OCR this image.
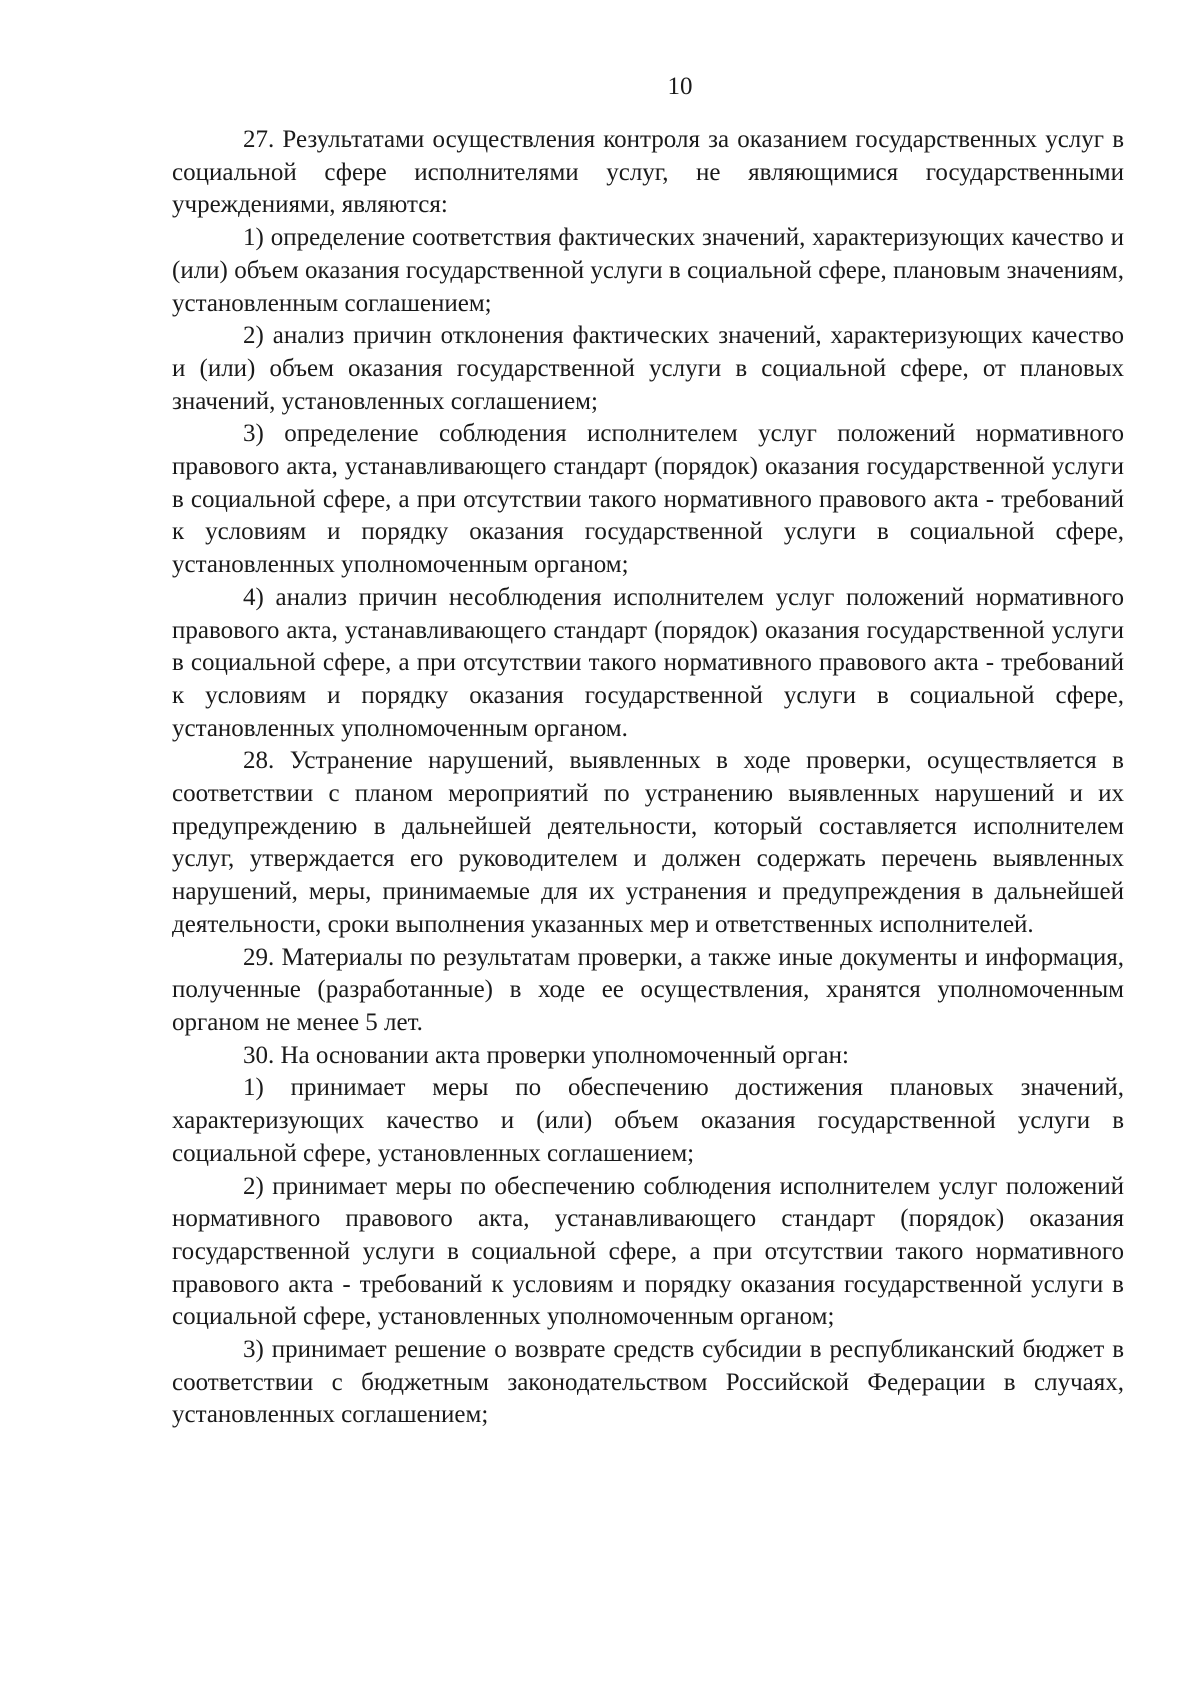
10

27. Результатами осуществления контроля за оказанием государственных услуг в социальной сфере исполнителями услуг, не являющимися государственными учреждениями, являются:

1) определение соответствия фактических значений, характеризующих качество и (или) объем оказания государственной услуги в социальной сфере, плановым значениям, установленным соглашением;

2) анализ причин отклонения фактических значений, характеризующих качество и (или) объем оказания государственной услуги в социальной сфере, от плановых значений, установленных соглашением;

3) определение соблюдения исполнителем услуг положений нормативного правового акта, устанавливающего стандарт (порядок) оказания государственной услуги в социальной сфере, а при отсутствии такого нормативного правового акта - требований к условиям и порядку оказания государственной услуги в социальной сфере, установленных уполномоченным органом;

4) анализ причин несоблюдения исполнителем услуг положений нормативного правового акта, устанавливающего стандарт (порядок) оказания государственной услуги в социальной сфере, а при отсутствии такого нормативного правового акта - требований к условиям и порядку оказания государственной услуги в социальной сфере, установленных уполномоченным органом.

28. Устранение нарушений, выявленных в ходе проверки, осуществляется в соответствии с планом мероприятий по устранению выявленных нарушений и их предупреждению в дальнейшей деятельности, который составляется исполнителем услуг, утверждается его руководителем и должен содержать перечень выявленных нарушений, меры, принимаемые для их устранения и предупреждения в дальнейшей деятельности, сроки выполнения указанных мер и ответственных исполнителей.

29. Материалы по результатам проверки, а также иные документы и информация, полученные (разработанные) в ходе ее осуществления, хранятся уполномоченным органом не менее 5 лет.

30. На основании акта проверки уполномоченный орган:

1) принимает меры по обеспечению достижения плановых значений, характеризующих качество и (или) объем оказания государственной услуги в социальной сфере, установленных соглашением;

2) принимает меры по обеспечению соблюдения исполнителем услуг положений нормативного правового акта, устанавливающего стандарт (порядок) оказания государственной услуги в социальной сфере, а при отсутствии такого нормативного правового акта - требований к условиям и порядку оказания государственной услуги в социальной сфере, установленных уполномоченным органом;

3) принимает решение о возврате средств субсидии в республиканский бюджет в соответствии с бюджетным законодательством Российской Федерации в случаях, установленных соглашением;
